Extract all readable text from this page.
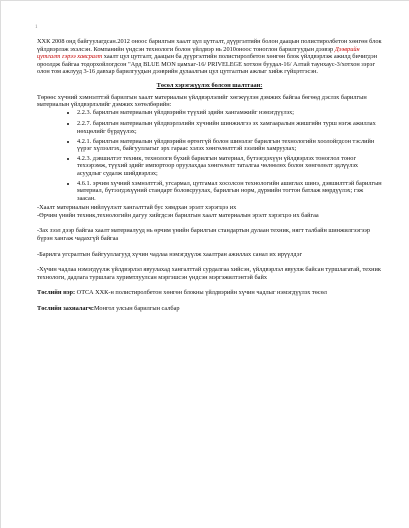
1

ХХК 2008 онд байгуулагдсан.2012 оноос барилгын хаалт цул цутгалт, дүүргэлтийн болон даацын полистиролбетон хөнгөн блок үйлдвэрлэж эхэлсэн. Компанийн үндсэн технологи болон үйлдвэр нь 2010оноос тоноглон барилгуудын дээвэр Дээврийн цутгалт гэрээ хавсралт хаалт цул цутгалт, даацын ба дүүргэлтийн полистиролбетон хөнгөн блок үйлдвэрлэж ажилд бичигдэн ороолдж байгаа тодорхойлогдсон "Ард BLUE MON цамхаг-16/ PRIVELEGE хотхон буудал-16/ Алтай таунхаус-3/хотхон зэрэг олон том ажлууд 3-16 давхар барилгуудын дээврийн дулаалгын цул цутгалтын ажлыг хийж гүйцэтгэсэн.

Төсөл хэрэгжүүлэх болсон шалтгаан:

Төрөөс хүчний хэмнэлттэй барилгын хаалт материалын үйлдвэрлэлийг хөгжүүлэн дэмжих байгаа бөгөөд дэслэх барилгын материалын үйлдвэрлэлийг дэмжих хөтөлбөрийн:

• 2.2.3. барилгын материалын үйлдвэрийн түүхий эдийн хангамжийг нэмэгдүүлэх;
• 2.2.7. барилгын материалын үйлдвэрлэлийн хүчнийн шинжилгээ эх хамгааралын жишгийн турш нэгж ажиллах нөхцөлийг бүрдүүлэх;
• 4.2.1. барилгын материалын үйлдвэрийн өртөггүй болон шинэлэг барилгын технологийн хоолойгдсон тэслийн үүрэг хүлээлгэх, байгууллагыг эрх гараас хэлэх хөнгөлөлттэй зээлийн хамруулах;
• 4.2.3. дэвшилтэт техник, технологи бүхий барилгын материал, бүтээгдэхүүн үйлдвэрлэх тоноглол тоног техээрэмж, түүхий эдийг импортоор оруулахдаа хөнгөлөлт таталгаа чөлөөлөх болон хөнгөлөлт эдлүүлэх асуудлыг судалж шийдвэрлэх;
• 4.6.1. эрчим хүчний хэмнэлттэй, угсармал, цутгамал хосолсон технологийн ашиглах шинэ, дэвшилттэй барилгын материал, бүтээгдэхүүний стандарт боловсруулах, барилгын норм, дүрмийн тогтон батлаж мөрдүүлэх; гэж заасан.

-Хаалт материалын нийлүүлэлт хангалттай бус хямдхан эрэлт хэрэгцээ их

-Өрчим үнийн техник,технологийн дагуу хийгдсэн барилгын хаалт материалын эрэлт хэрэгцээ их байгаа

-Зах зээл дээр байгаа хаалт материалууд нь өрчим үнийн барилгын стандартын дулаан техник, нягт талбайн шинжилгээгээр бүрэн хангаж чадахгүй байгаа

-Барилга угсралтын байгууллагууд хүчин чадлаа нэмэгдүүлж хаалтран ажиллах санал их ирүүлдэг

-Хүчин чадлаа нэмэгдүүлж үйлдвэрлэл явуулахад хангалттай сурдалгаа хийсэн, үйлдвэрлэл явуулж байсан туршлагатай, техник технологи, дадлага туршлага хуримтлуулсан мэргэшсэн үндсэн мэргэжилтэнтэй байх

Төслийн нэр: ОТСА ХХК-н полистиролбетон хөнгөн блокны үйлдвэрийн хүчин чадлыг нэмэгдүүлэх төсөл

Төслийн захиалагч:Монгол улсын барилгын салбар
